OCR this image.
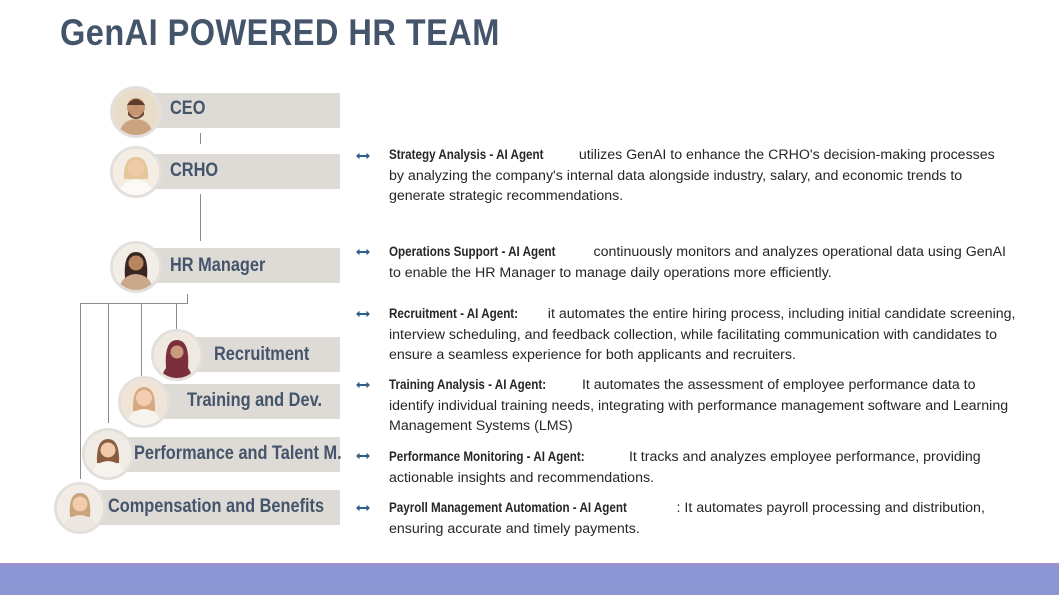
GenAI POWERED HR TEAM
CEO
CRHO
HR Manager
Recruitment
Training and Dev.
Performance and Talent M.
Compensation and Benefits
Strategy Analysis - AI Agent utilizes GenAI to enhance the CRHO's decision-making processes by analyzing the company's internal data alongside industry, salary, and economic trends to generate strategic recommendations.
Operations Support - AI Agent continuously monitors and analyzes operational data using GenAI to enable the HR Manager to manage daily operations more efficiently.
Recruitment - AI Agent: it automates the entire hiring process, including initial candidate screening, interview scheduling, and feedback collection, while facilitating communication with candidates to ensure a seamless experience for both applicants and recruiters.
Training Analysis - AI Agent: It automates the assessment of employee performance data to identify individual training needs, integrating with performance management software and Learning Management Systems (LMS)
Performance Monitoring - AI Agent:	It tracks and analyzes employee performance, providing actionable insights and recommendations.
Payroll Management Automation - AI Agent	: It automates payroll processing and distribution, ensuring accurate and timely payments.
